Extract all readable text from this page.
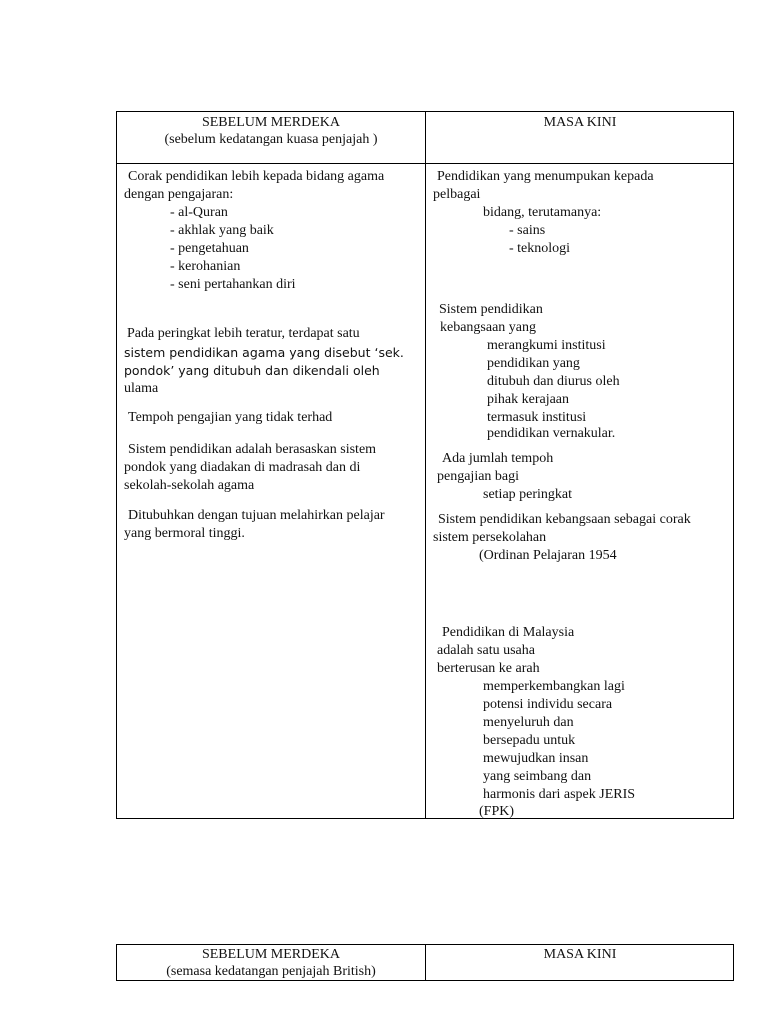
SEBELUM MERDEKA
(sebelum kedatangan kuasa penjajah )
MASA KINI
Corak pendidikan lebih kepada bidang agama
dengan pengajaran:
- al-Quran
- akhlak yang baik
- pengetahuan
- kerohanian
- seni pertahankan diri
Pada peringkat lebih teratur, terdapat satu
sistem pendidikan agama yang disebut ‘sek.
pondok’ yang ditubuh dan dikendali oleh
ulama
Tempoh pengajian yang tidak terhad
Sistem pendidikan adalah berasaskan sistem
pondok yang diadakan di madrasah dan di
sekolah-sekolah agama
Ditubuhkan dengan tujuan melahirkan pelajar
yang bermoral tinggi.
Pendidikan yang menumpukan kepada
pelbagai
bidang, terutamanya:
- sains
- teknologi
Sistem pendidikan
kebangsaan yang
merangkumi institusi
pendidikan yang
ditubuh dan diurus oleh
pihak kerajaan
termasuk institusi
pendidikan vernakular.
Ada jumlah tempoh
pengajian bagi
setiap peringkat
Sistem pendidikan kebangsaan sebagai corak
sistem persekolahan
(Ordinan Pelajaran 1954
Pendidikan di Malaysia
adalah satu usaha
berterusan ke arah
memperkembangkan lagi
potensi individu secara
menyeluruh dan
bersepadu untuk
mewujudkan insan
yang seimbang dan
harmonis dari aspek JERIS
(FPK)
SEBELUM MERDEKA
(semasa kedatangan penjajah British)
MASA KINI
